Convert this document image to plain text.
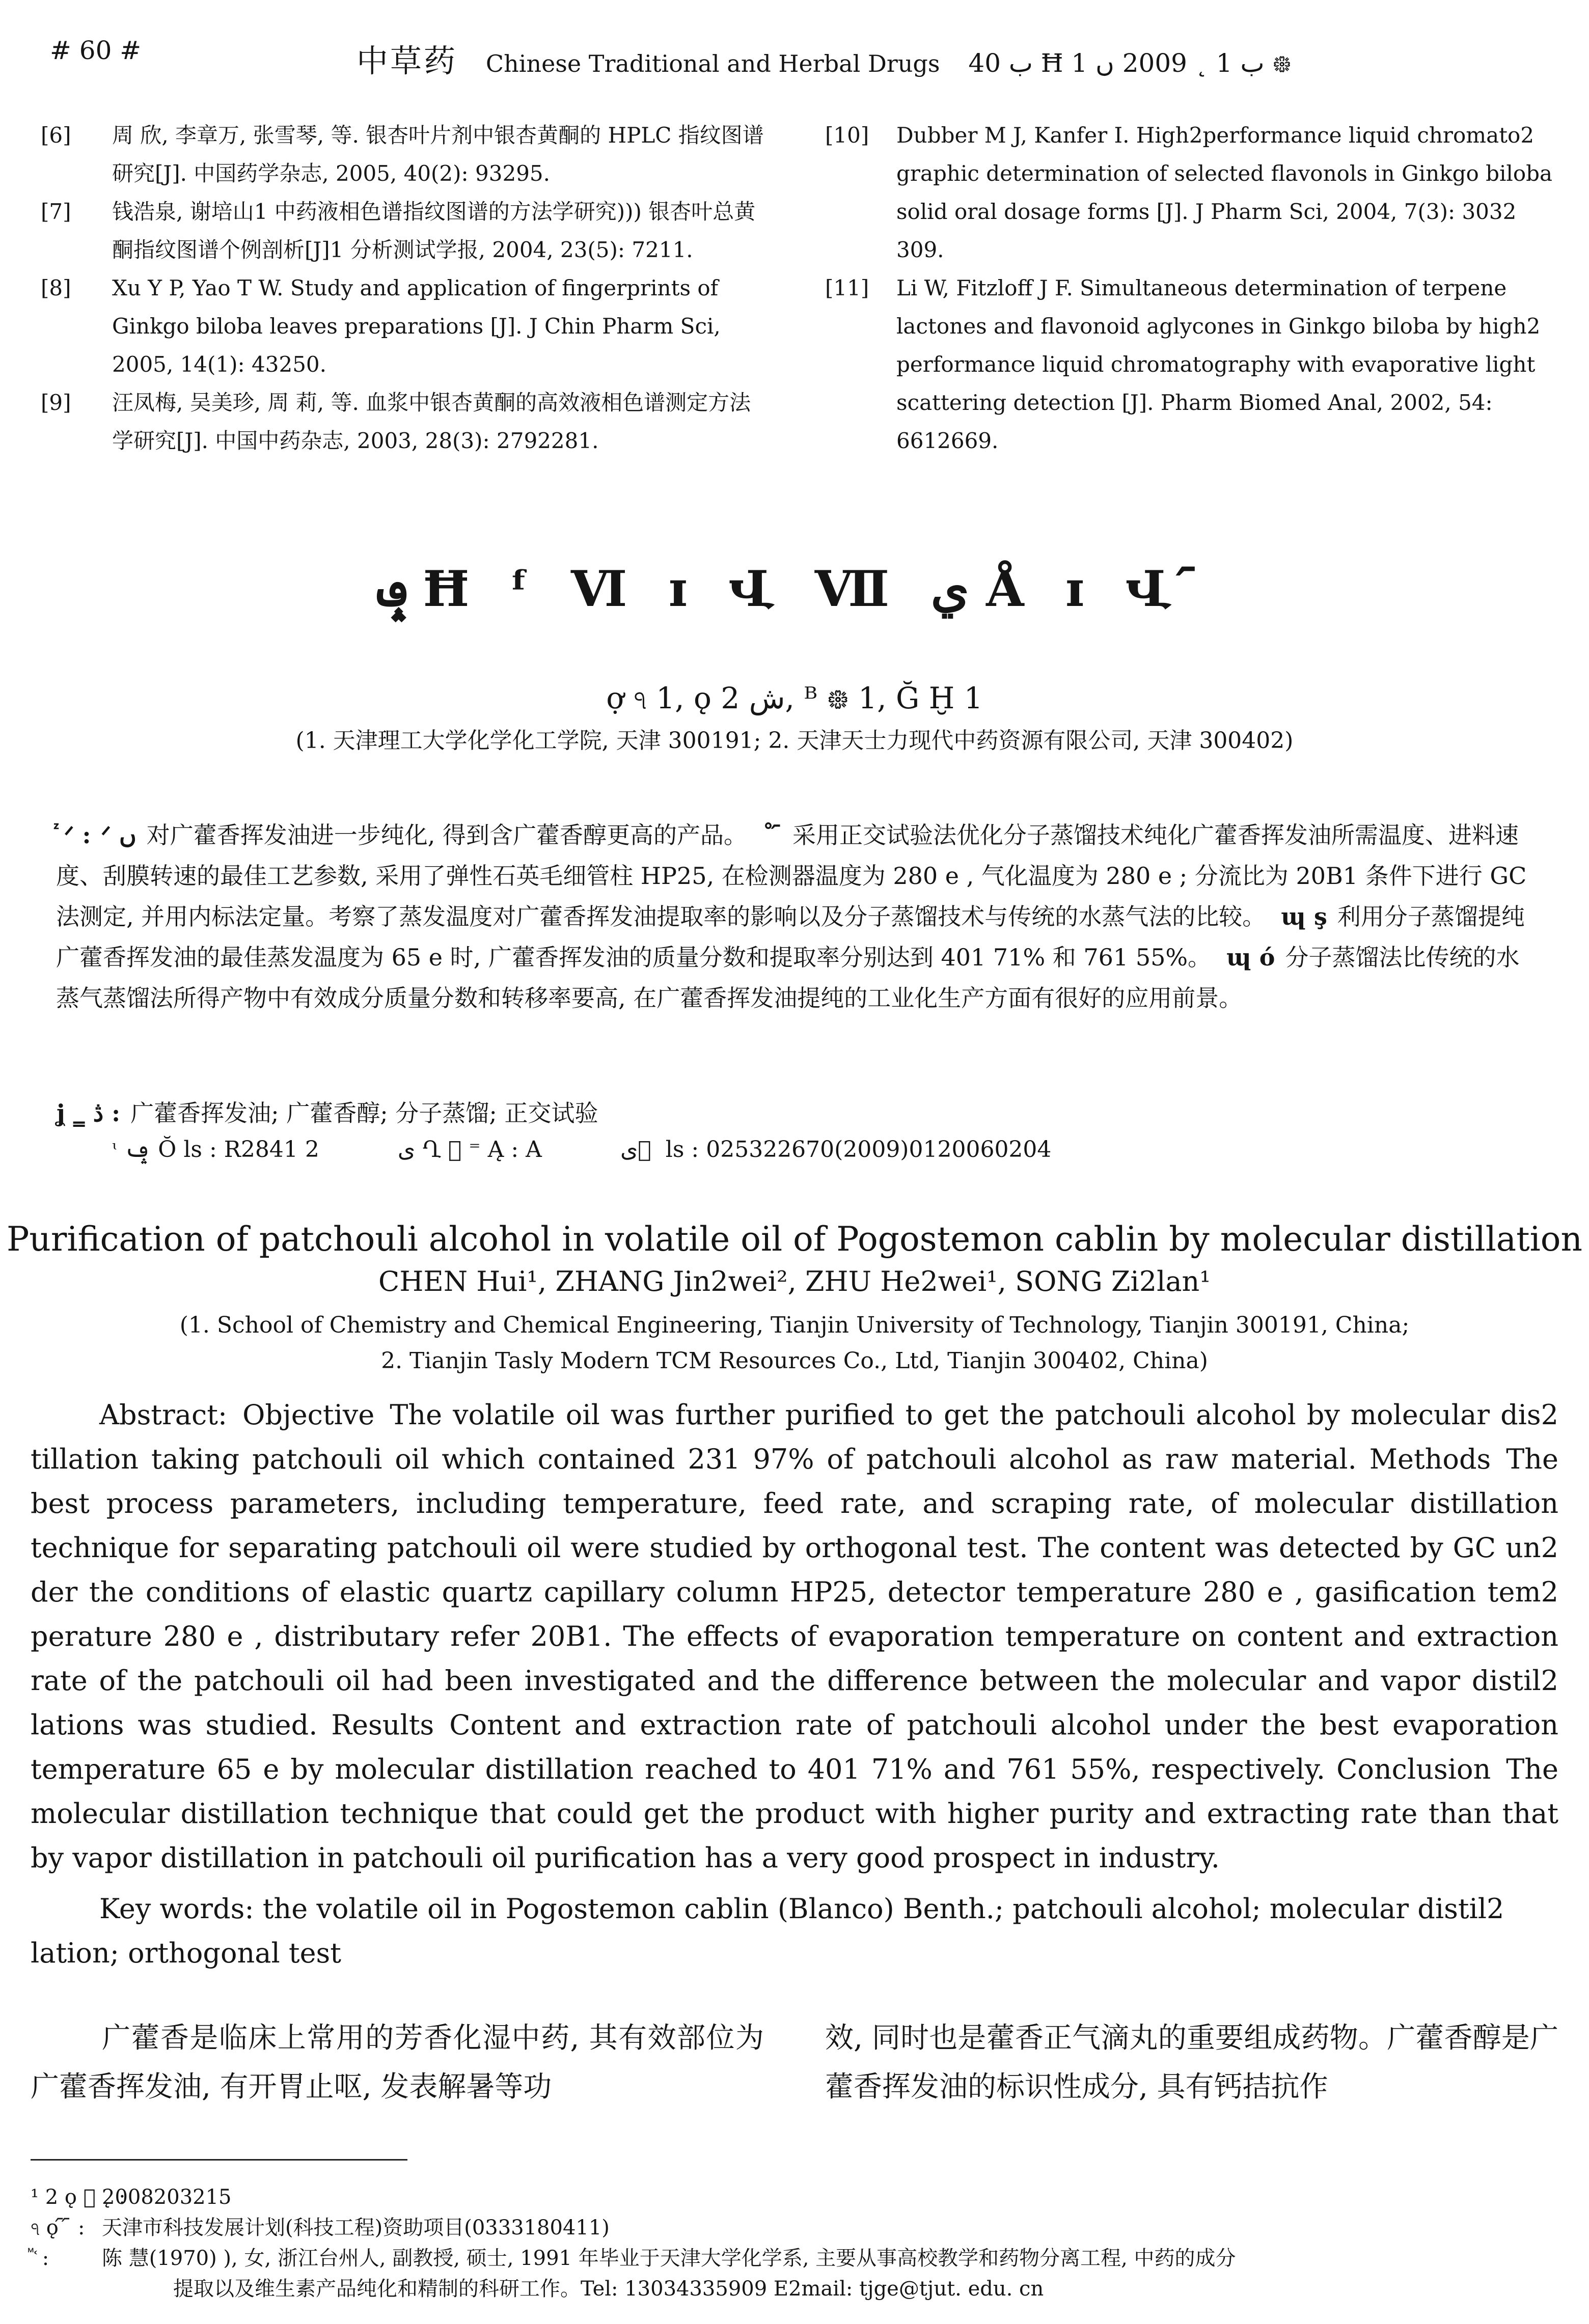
# 60 #	中草药 Chinese Traditional and Herbal Drugs ب 40 Ħ ب 1 ˛ 2009 ں 1 ᪥
[6]	周 欣, 李章万, 张雪琴, 等. 银杏叶片剂中银杏黄酮的 HPLC 指纹图谱研究[J]. 中国药学杂志, 2005, 40(2): 93295.
[7]	钱浩泉, 谢培山1 中药液相色谱指纹图谱的方法学研究))) 银杏叶总黄酮指纹图谱个例剖析[J]1 分析测试学报, 2004, 23(5): 7211.
[8]	Xu Y P, Yao T W. Study and application of fingerprints of Ginkgo biloba leaves preparations [J]. J Chin Pharm Sci, 2005, 14(1): 43250.
[9]	汪凤梅, 吴美珍, 周 莉, 等. 血浆中银杏黄酮的高效液相色谱测定方法学研究[J]. 中国中药杂志, 2003, 28(3): 2792281.
[10]	Dubber M J, Kanfer I. High2performance liquid chromato2 graphic determination of selected flavonols in Ginkgo biloba solid oral dosage forms [J]. J Pharm Sci, 2004, 7(3): 3032 309.
[11]	Li W, Fitzloff J F. Simultaneous determination of terpene lactones and flavonoid aglycones in Ginkgo biloba by high2 performance liquid chromatography with evaporative light scattering detection [J]. Pharm Biomed Anal, 2002, 54: 6612669.
ݡ Ħ ᶠ Ⅵ ɪ Վ Ⅶ ي Å ɪ Վ ᷇
ợ ঀ 1, ǫ ش 2, ᴮ ᪥ 1, Ğ Ḫ 1
(1. 天津理工大学化学化工学院, 天津 300191; 2. 天津天士力现代中药资源有限公司, 天津 300402)
ᷦ ᐟ : ᐟ ں 对广藿香挥发油进一步纯化, 得到含广藿香醇更高的产品。 ˚ ᷇ 采用正交试验法优化分子蒸馏技术纯化广藿香挥发油所需温度、进料速度、刮膜转速的最佳工艺参数, 采用了弹性石英毛细管柱 HP25, 在检测器温度为 280 e , 气化温度为 280 e ; 分流比为 20B1 条件下进行 GC 法测定, 并用内标法定量。考察了蒸发温度对广藿香挥发油提取率的影响以及分子蒸馏技术与传统的水蒸气法的比较。 ɰ ş 利用分子蒸馏提纯广藿香挥发油的最佳蒸发温度为 65 e 时, 广藿香挥发油的质量分数和提取率分别达到 401 71% 和 761 55%。 ɰ ó 分子蒸馏法比传统的水蒸气蒸馏法所得产物中有效成分质量分数和转移率要高, 在广藿香挥发油提纯的工业化生产方面有很好的应用前景。
ʝ ‗ ڎ : 广藿香挥发油; 广藿香醇; 分子蒸馏; 正交试验
ᶥ ݡ Ŏ ls : R2841 2	ى Ղ ⃞ ⁼ Ą : A	ى ⃞ ls : 025322670(2009)0120060204
Purification of patchouli alcohol in volatile oil of Pogostemon cablin by molecular distillation
CHEN Hui¹, ZHANG Jin2wei², ZHU He2wei¹, SONG Zi2lan¹
(1. School of Chemistry and Chemical Engineering, Tianjin University of Technology, Tianjin 300191, China;
2. Tianjin Tasly Modern TCM Resources Co., Ltd, Tianjin 300402, China)
Abstract: Objective The volatile oil was further purified to get the patchouli alcohol by molecular dis2 tillation taking patchouli oil which contained 231 97% of patchouli alcohol as raw material. Methods The best process parameters, including temperature, feed rate, and scraping rate, of molecular distillation technique for separating patchouli oil were studied by orthogonal test. The content was detected by GC un2 der the conditions of elastic quartz capillary column HP25, detector temperature 280 e , gasification tem2 perature 280 e , distributary refer 20B1. The effects of evaporation temperature on content and extraction rate of the patchouli oil had been investigated and the difference between the molecular and vapor distil2 lations was studied. Results Content and extraction rate of patchouli alcohol under the best evaporation temperature 65 e by molecular distillation reached to 401 71% and 761 55%, respectively. Conclusion The molecular distillation technique that could get the product with higher purity and extracting rate than that by vapor distillation in patchouli oil purification has a very good prospect in industry.
Key words: the volatile oil in Pogostemon cablin (Blanco) Benth.; patchouli alcohol; molecular distil2 lation; orthogonal test
广藿香是临床上常用的芳香化湿中药, 其有效部位为广藿香挥发油, 有开胃止呕, 发表解暑等功
效, 同时也是藿香正气滴丸的重要组成药物。广藿香醇是广藿香挥发油的标识性成分, 具有钙拮抗作
¹ 2 ǫ ᷟ ˛ :2008203215
ঀ ǫ ᷇ ᷇ : 天津市科技发展计划(科技工程)资助项目(0333180411)
ᷟ ᷾ :	陈 慧(1970) ), 女, 浙江台州人, 副教授, 硕士, 1991 年毕业于天津大学化学系, 主要从事高校教学和药物分离工程, 中药的成分
提取以及维生素产品纯化和精制的科研工作。Tel: 13034335909 E2mail: tjge@tjut. edu. cn
